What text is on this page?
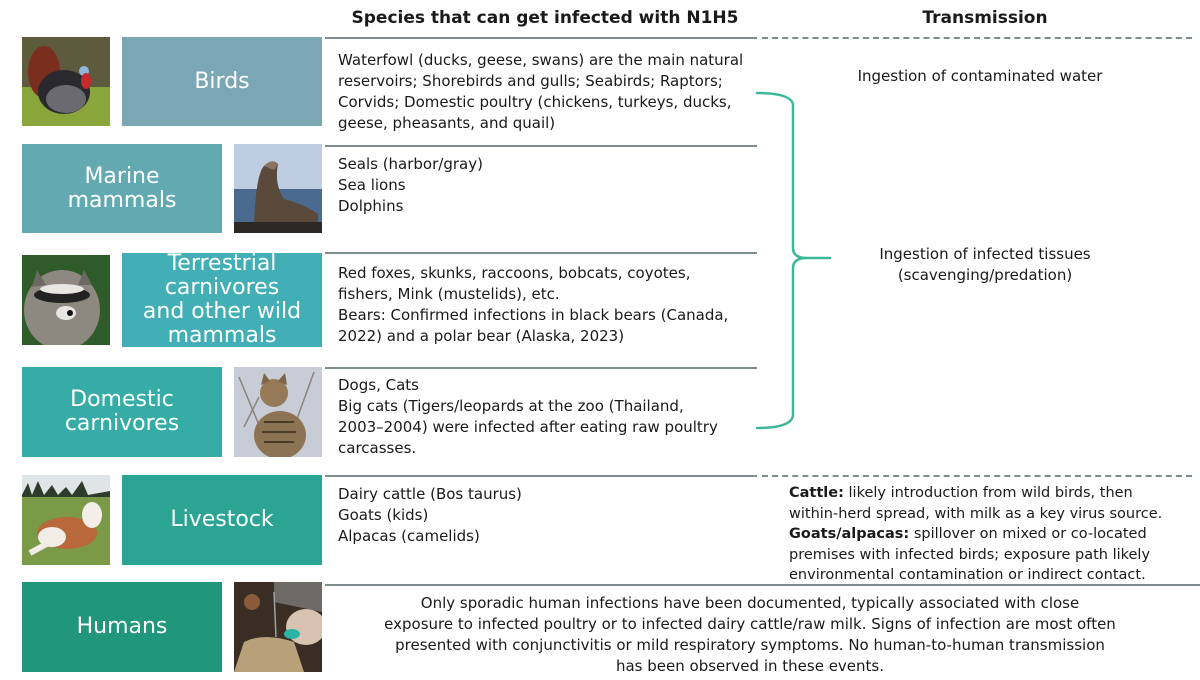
Species that can get infected with N1H5	Transmission
Birds
Waterfowl (ducks, geese, swans) are the main natural
reservoirs; Shorebirds and gulls; Seabirds; Raptors;
Corvids; Domestic poultry (chickens, turkeys, ducks,
geese, pheasants, and quail)
Ingestion of contaminated water
Marine mammals
Seals (harbor/gray)
Sea lions
Dolphins
Terrestrial carnivores and other wild mammals
Red foxes, skunks, raccoons, bobcats, coyotes,
fishers, Mink (mustelids), etc.
Bears: Confirmed infections in black bears (Canada,
2022) and a polar bear (Alaska, 2023)
Domestic carnivores
Dogs, Cats
Big cats (Tigers/leopards at the zoo (Thailand,
2003–2004) were infected after eating raw poultry
carcasses.
Ingestion of infected tissues
(scavenging/predation)
Livestock
Dairy cattle (Bos taurus)
Goats (kids)
Alpacas (camelids)
Cattle: likely introduction from wild birds, then
within-herd spread, with milk as a key virus source.
Goats/alpacas: spillover on mixed or co-located
premises with infected birds; exposure path likely
environmental contamination or indirect contact.
Humans
Only sporadic human infections have been documented, typically associated with close
exposure to infected poultry or to infected dairy cattle/raw milk. Signs of infection are most often
presented with conjunctivitis or mild respiratory symptoms. No human-to-human transmission
has been observed in these events.
